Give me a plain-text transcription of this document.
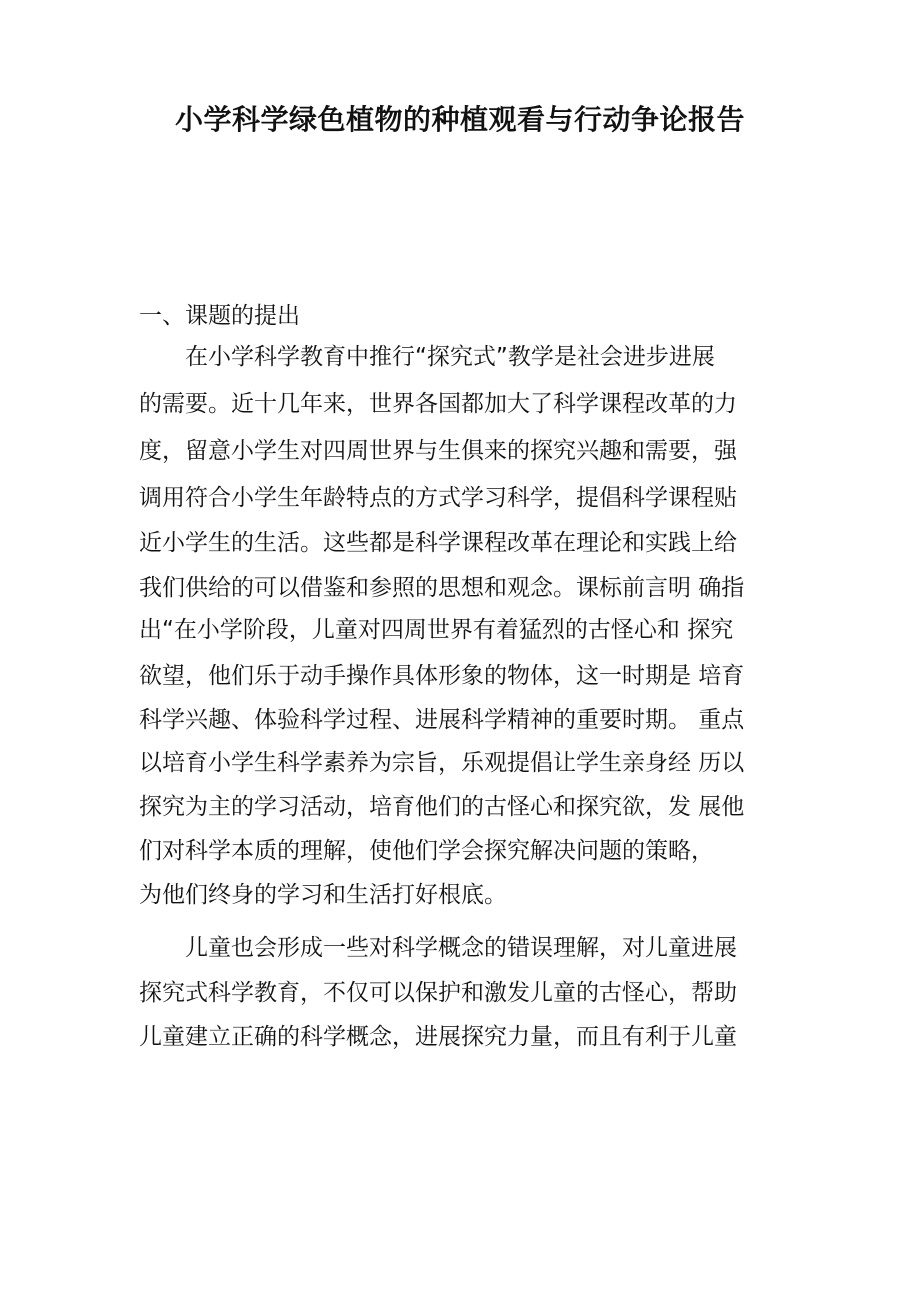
小学科学绿色植物的种植观看与行动争论报告
一、课题的提出

在小学科学教育中推行“探究式”教学是社会进步进展

的需要。近十几年来，世界各国都加大了科学课程改革的力

度，留意小学生对四周世界与生俱来的探究兴趣和需要，强

调用符合小学生年龄特点的方式学习科学，提倡科学课程贴

近小学生的生活。这些都是科学课程改革在理论和实践上给

我们供给的可以借鉴和参照的思想和观念。课标前言明 确指

出“在小学阶段，儿童对四周世界有着猛烈的古怪心和 探究

欲望，他们乐于动手操作具体形象的物体，这一时期是 培育

科学兴趣、体验科学过程、进展科学精神的重要时期。 重点

以培育小学生科学素养为宗旨，乐观提倡让学生亲身经 历以

探究为主的学习活动，培育他们的古怪心和探究欲，发 展他

们对科学本质的理解，使他们学会探究解决问题的策略，

为他们终身的学习和生活打好根底。

儿童也会形成一些对科学概念的错误理解，对儿童进展

探究式科学教育，不仅可以保护和激发儿童的古怪心，帮助

儿童建立正确的科学概念，进展探究力量，而且有利于儿童
